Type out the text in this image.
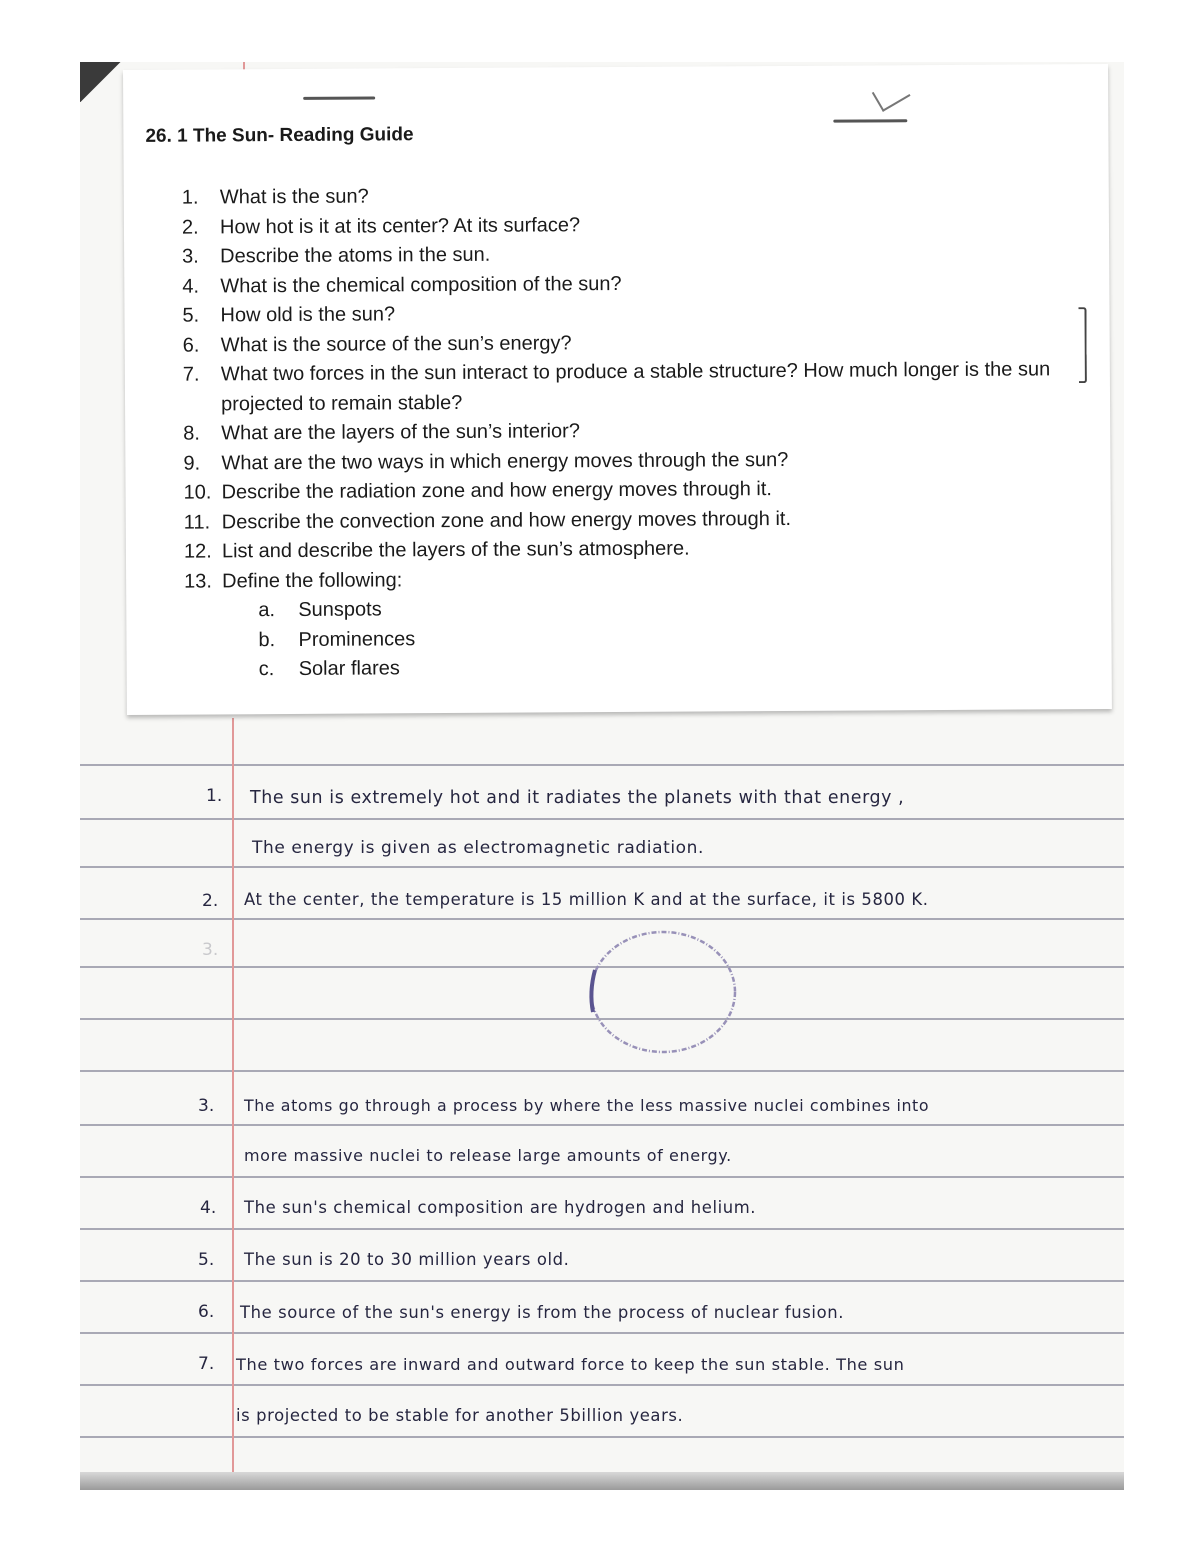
26. 1 The Sun- Reading Guide
1.	What is the sun?
2.	How hot is it at its center? At its surface?
3.	Describe the atoms in the sun.
4.	What is the chemical composition of the sun?
5.	How old is the sun?
6.	What is the source of the sun’s energy?
7.	What two forces in the sun interact to produce a stable structure? How much longer is the sun projected to remain stable?
8.	What are the layers of the sun’s interior?
9.	What are the two ways in which energy moves through the sun?
10. Describe the radiation zone and how energy moves through it.
11. Describe the convection zone and how energy moves through it.
12. List and describe the layers of the sun’s atmosphere.
13. Define the following:
a.	Sunspots
b.	Prominences
c.	Solar flares
1. The sun is extremely hot and it radiates the planets with that energy ,
The energy is given as electromagnetic radiation.
2. At the center, the temperature is 15 million K and at the surface, it is 5800 K.
3.
3. The atoms go through a process by where the less massive nuclei combines into
more massive nuclei to release large amounts of energy.
4. The sun's chemical composition are hydrogen and helium.
5. The sun is 20 to 30 million years old.
6. The source of the sun's energy is from the process of nuclear fusion.
7. The two forces are inward and outward force to keep the sun stable. The sun
is projected to be stable for another 5billion years.
